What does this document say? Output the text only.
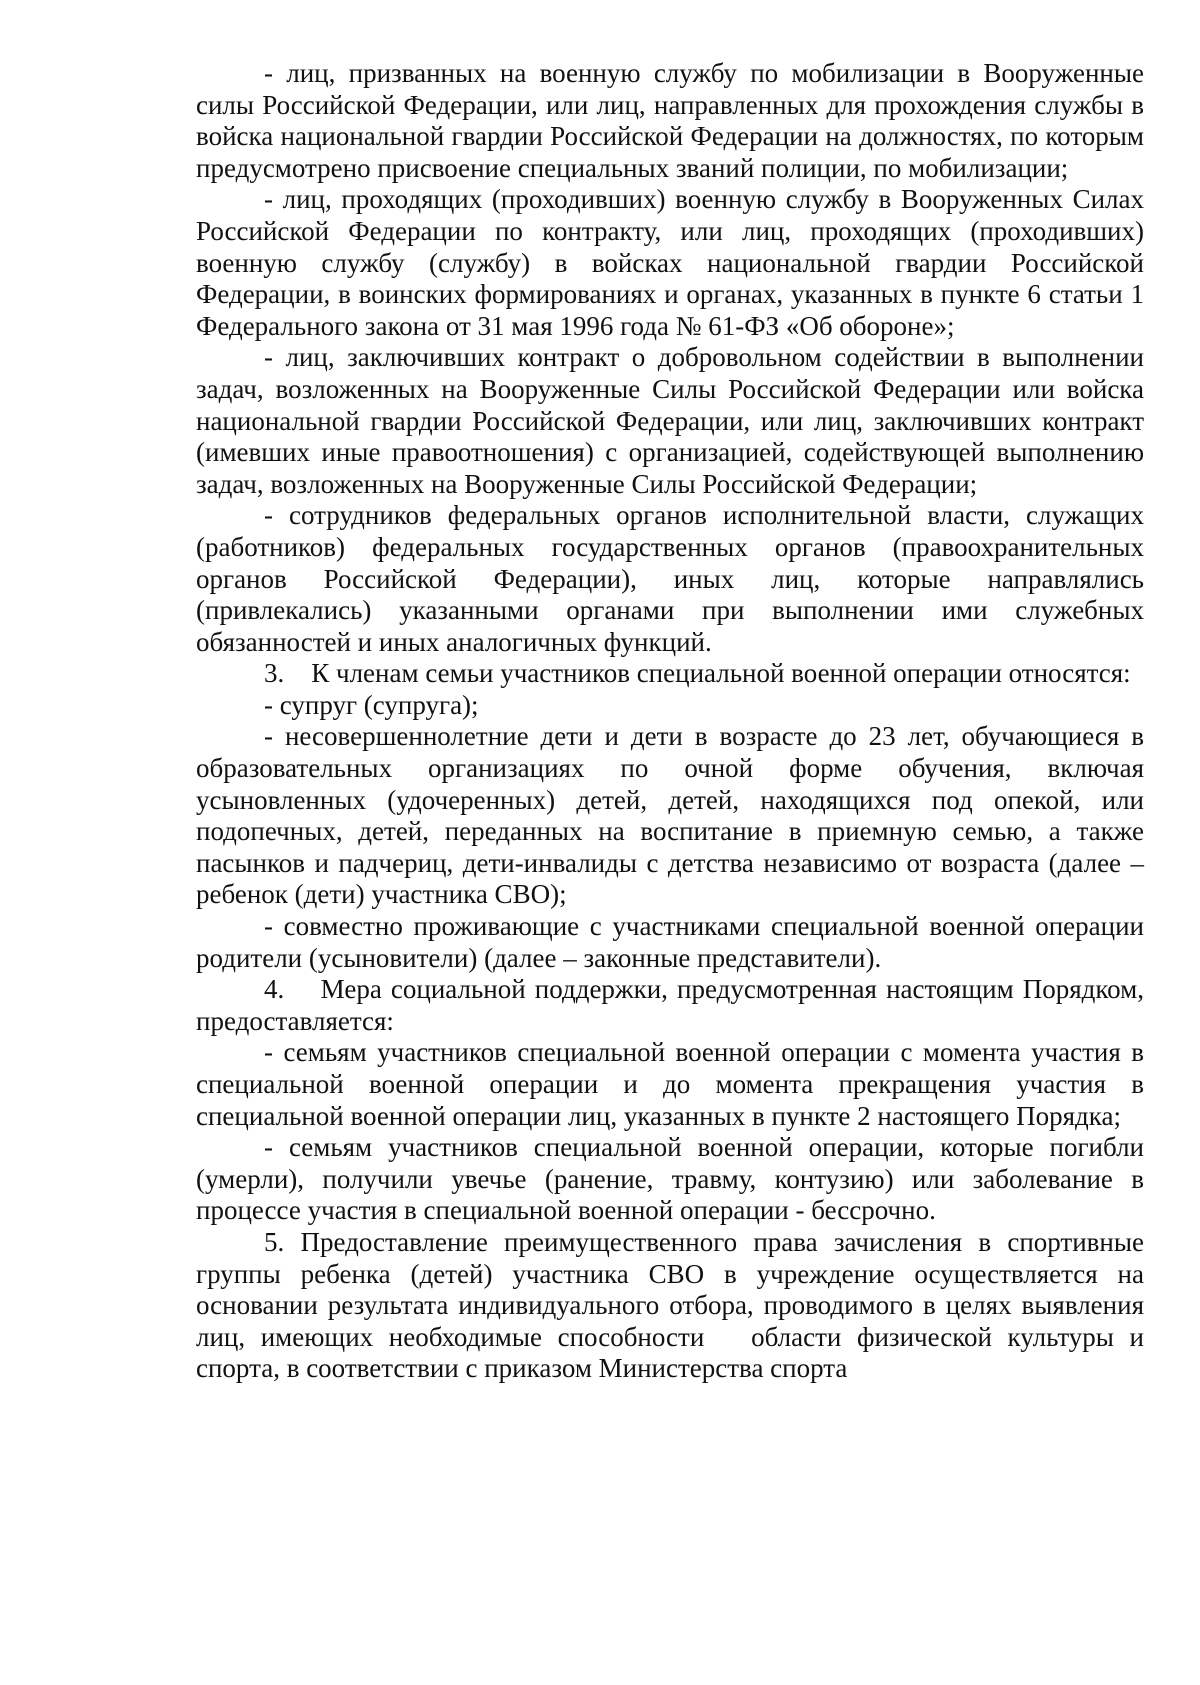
- лиц, призванных на военную службу по мобилизации в Вооруженные силы Российской Федерации, или лиц, направленных для прохождения службы в войска национальной гвардии Российской Федерации на должностях, по которым предусмотрено присвоение специальных званий полиции, по мобилизации;

- лиц, проходящих (проходивших) военную службу в Вооруженных Силах Российской Федерации по контракту, или лиц, проходящих (проходивших) военную службу (службу) в войсках национальной гвардии Российской Федерации, в воинских формированиях и органах, указанных в пункте 6 статьи 1 Федерального закона от 31 мая 1996 года № 61-ФЗ «Об обороне»;

- лиц, заключивших контракт о добровольном содействии в выполнении задач, возложенных на Вооруженные Силы Российской Федерации или войска национальной гвардии Российской Федерации, или лиц, заключивших контракт (имевших иные правоотношения) с организацией, содействующей выполнению задач, возложенных на Вооруженные Силы Российской Федерации;

- сотрудников федеральных органов исполнительной власти, служащих (работников) федеральных государственных органов (правоохранительных органов Российской Федерации), иных лиц, которые направлялись (привлекались) указанными органами при выполнении ими служебных обязанностей и иных аналогичных функций.

3.    К членам семьи участников специальной военной операции относятся:

- супруг (супруга);

- несовершеннолетние дети и дети в возрасте до 23 лет, обучающиеся в образовательных организациях по очной форме обучения, включая усыновленных (удочеренных) детей, детей, находящихся под опекой, или подопечных, детей, переданных на воспитание в приемную семью, а также пасынков и падчериц, дети-инвалиды с детства независимо от возраста (далее – ребенок (дети) участника СВО);

- совместно проживающие с участниками специальной военной операции родители (усыновители) (далее – законные представители).

4.    Мера социальной поддержки, предусмотренная настоящим Порядком, предоставляется:

- семьям участников специальной военной операции с момента участия в специальной военной операции и до момента прекращения участия в специальной военной операции лиц, указанных в пункте 2 настоящего Порядка;

- семьям участников специальной военной операции, которые погибли (умерли), получили увечье (ранение, травму, контузию) или заболевание в процессе участия в специальной военной операции - бессрочно.

5. Предоставление преимущественного права зачисления в спортивные группы ребенка (детей) участника СВО в учреждение осуществляется на основании результата индивидуального отбора, проводимого в целях выявления лиц, имеющих необходимые способности   области физической культуры и спорта, в соответствии с приказом Министерства спорта
